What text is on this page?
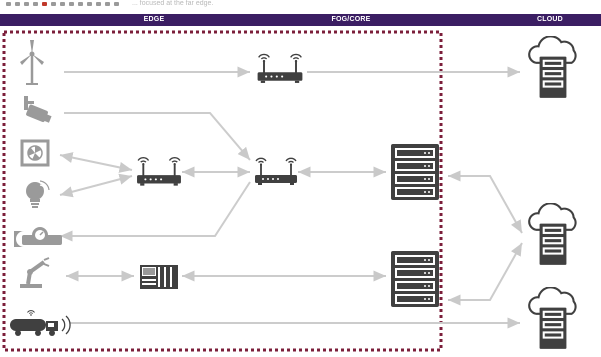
... focused at the far edge.
EDGE	FOG/CORE	CLOUD
